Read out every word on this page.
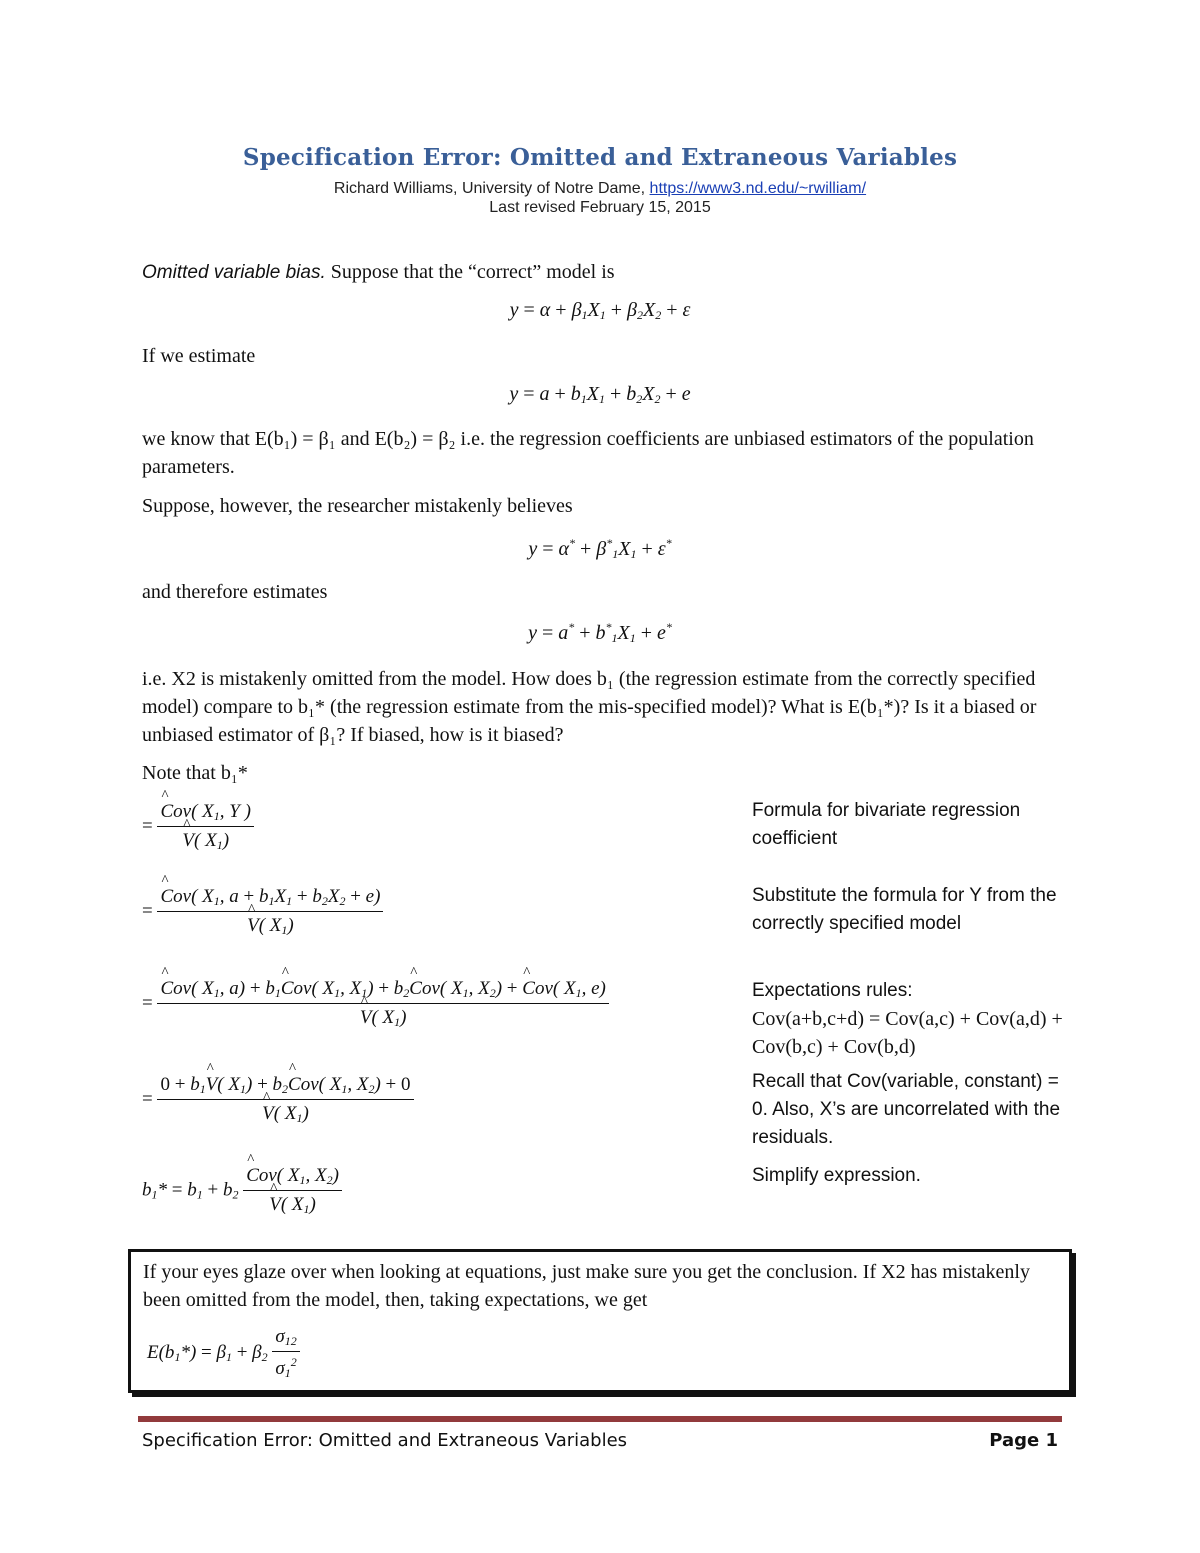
Specification Error: Omitted and Extraneous Variables
Richard Williams, University of Notre Dame, https://www3.nd.edu/~rwilliam/
Last revised February 15, 2015
Omitted variable bias. Suppose that the “correct” model is
$y = \alpha + \beta_1X_1 + \beta_2X_2 + \varepsilon$
If we estimate
$y = a + b_1X_1 + b_2X_2 + e$
we know that E(b₁) = β₁ and E(b₂) = β₂ i.e. the regression coefficients are unbiased estimators of the population parameters.
Suppose, however, the researcher mistakenly believes
$y = \alpha^* + \beta^*_1X_1 + \varepsilon^*$
and therefore estimates
$y = a^* + b^*_1X_1 + e^*$
i.e. X2 is mistakenly omitted from the model. How does b₁ (the regression estimate from the correctly specified model) compare to b₁* (the regression estimate from the mis-specified model)? What is E(b₁*)? Is it a biased or unbiased estimator of β₁? If biased, how is it biased?
Note that b₁*
= ^ Cov( $X_1$, Y )
^ V( $X_1$)	Formula for bivariate regression coefficient
= ^ Cov( $X_1$, $a + b_1X_1 + b_2X_2 + e$)
^ V( $X_1$)	Substitute the formula for Y from the correctly specified model
= ^ Cov( $X_1$, $a) + b_1\^{}$ Cov( $X_1$, $X_1$) + $b_2\^{}$ Cov( $X_1$, $X_2$) + ^ Cov( $X_1$, e)
^ V( $X_1$)	Expectations rules:
Cov(a+b,c+d) = Cov(a,c) + Cov(a,d) + Cov(b,c) + Cov(b,d)
= $0 + b_1\^{}$ V( $X_1$) + $b_2\^{}$ Cov( $X_1$, $X_2) + 0$
^ V( $X_1$)	Recall that Cov(variable, constant) = 0. Also, X’s are uncorrelated with the residuals.
$b_1* = b_1 + b_2$ ^ Cov( $X_1$, $X_2$)
^ V( $X_1$)	Simplify expression.
If your eyes glaze over when looking at equations, just make sure you get the conclusion. If X2 has mistakenly been omitted from the model, then, taking expectations, we get
$E(b_1*) = \beta_1 + \beta_2 \frac{\sigma_{12}}{\sigma_1^2}$
Specification Error: Omitted and Extraneous Variables	Page 1
